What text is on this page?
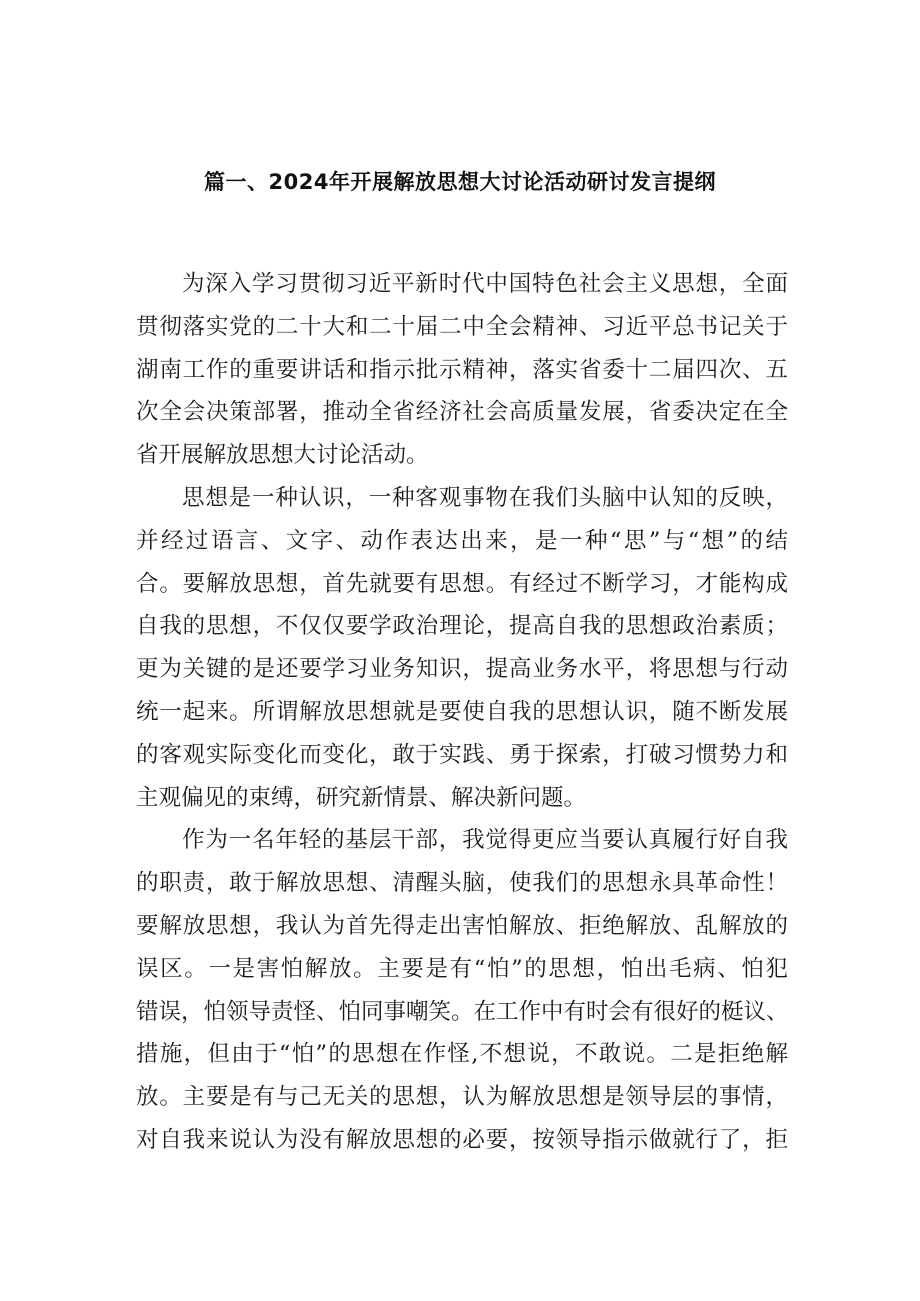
篇一、2024年开展解放思想大讨论活动研讨发言提纲
为深入学习贯彻习近平新时代中国特色社会主义思想，全面
贯彻落实党的二十大和二十届二中全会精神、习近平总书记关于
湖南工作的重要讲话和指示批示精神，落实省委十二届四次、五
次全会决策部署，推动全省经济社会高质量发展，省委决定在全
省开展解放思想大讨论活动。
思想是一种认识，一种客观事物在我们头脑中认知的反映，
并经过语言、文字、动作表达出来，是一种“思”与“想”的结
合。要解放思想，首先就要有思想。有经过不断学习，才能构成
自我的思想，不仅仅要学政治理论，提高自我的思想政治素质；
更为关键的是还要学习业务知识，提高业务水平，将思想与行动
统一起来。所谓解放思想就是要使自我的思想认识，随不断发展
的客观实际变化而变化，敢于实践、勇于探索，打破习惯势力和
主观偏见的束缚，研究新情景、解决新问题。
作为一名年轻的基层干部，我觉得更应当要认真履行好自我
的职责，敢于解放思想、清醒头脑，使我们的思想永具革命性！
要解放思想，我认为首先得走出害怕解放、拒绝解放、乱解放的
误区。一是害怕解放。主要是有“怕”的思想，怕出毛病、怕犯
错误，怕领导责怪、怕同事嘲笑。在工作中有时会有很好的梃议、
措施，但由于“怕”的思想在作怪,不想说，不敢说。二是拒绝解
放。主要是有与己无关的思想，认为解放思想是领导层的事情，
对自我来说认为没有解放思想的必要，按领导指示做就行了，拒
